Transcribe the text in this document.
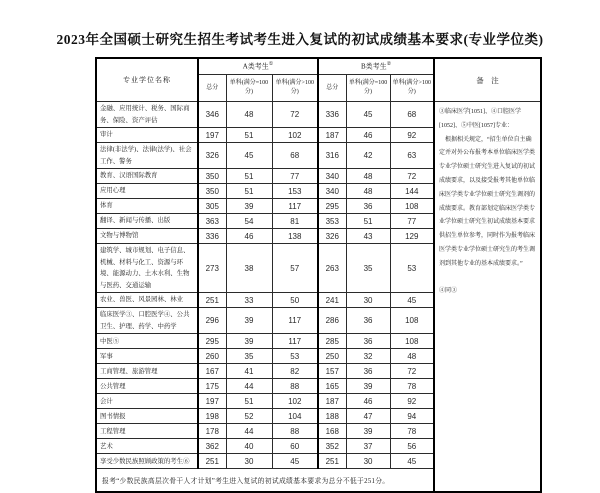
2023年全国硕士研究生招生考试考生进入复试的初试成绩基本要求(专业学位类)
专业学位名称	A类考生①			B类考生②			备　注
	总分	单科(满分=100分)	单科(满分>100分)	总分	单科(满分=100分)	单科(满分>100分)	
金融、应用统计、税务、国际商务、保险、资产评估	346	48	72	336	45	68	③临床医学[1051]、④口腔医学[1052]、⑤中医[1057]专业：

根据相关规定，“招生单位自主确定并对外公布报考本单位临床医学类专业学位硕士研究生进入复试的初试成绩要求，以及接受报考其他单位临床医学类专业学位硕士研究生调剂的成绩要求。教育部划定临床医学类专业学位硕士研究生初试成绩基本要求供招生单位参考，同时作为报考临床医学类专业学位硕士研究生的考生调剂到其他专业的基本成绩要求。”

④同③

审计	197	51	102	187	46	92	
法律(非法学)、法律(法学)、社会工作、警务	326	45	68	316	42	63	
教育、汉语国际教育	350	51	77	340	48	72	
应用心理	350	51	153	340	48	144	
体育	305	39	117	295	36	108	
翻译、新闻与传播、出版	363	54	81	353	51	77	
文物与博物馆	336	46	138	326	43	129	
建筑学、城市规划、电子信息、机械、材料与化工、资源与环境、能源动力、土木水利、生物与医药、交通运输	273	38	57	263	35	53	
农业、兽医、风景园林、林业	251	33	50	241	30	45	
临床医学③、口腔医学④、公共卫生、护理、药学、中药学	296	39	117	286	36	108	
中医⑤	295	39	117	285	36	108	
军事	260	35	53	250	32	48	
工商管理、旅游管理	167	41	82	157	36	72	
公共管理	175	44	88	165	39	78	
会计	197	51	102	187	46	92	
图书情报	198	52	104	188	47	94	
工程管理	178	44	88	168	39	78	
艺术	362	40	60	352	37	56	
享受少数民族照顾政策的考生⑥	251	30	45	251	30	45	
报考“少数民族高层次骨干人才计划”考生进入复试的初试成绩基本要求为总分不低于251分。							
